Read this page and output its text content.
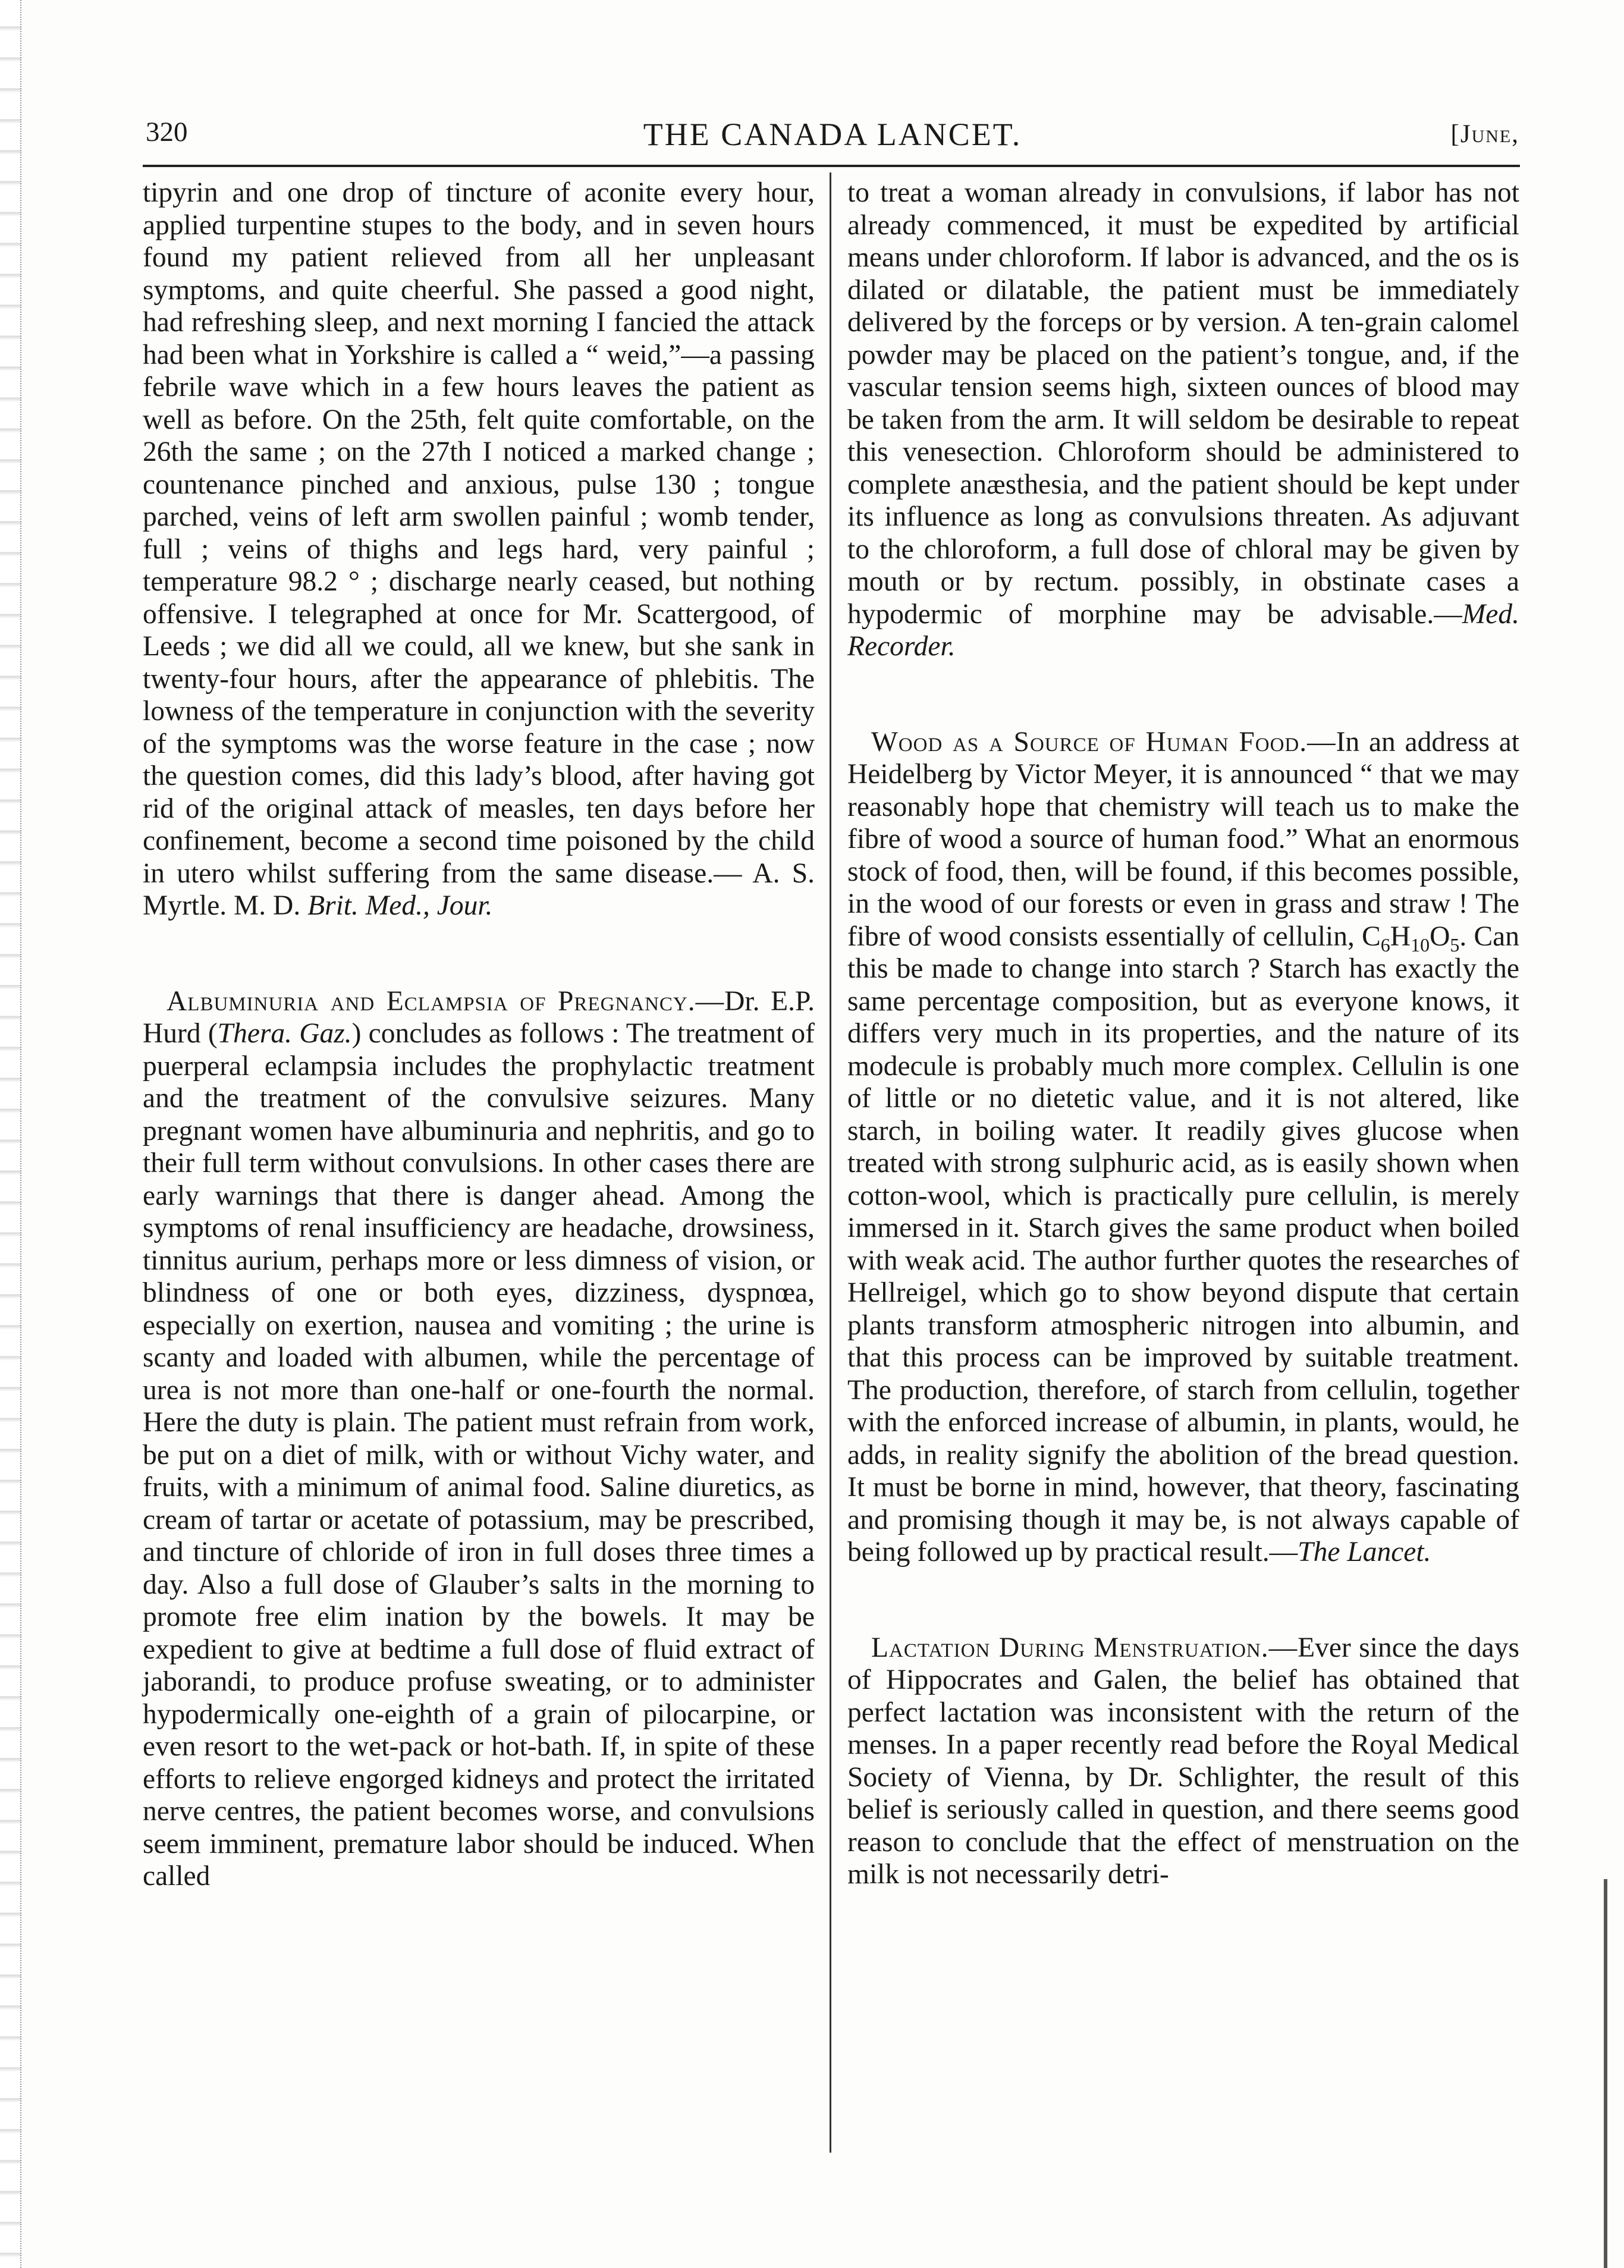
320	THE CANADA LANCET.	[June,

tipyrin and one drop of tincture of aconite every hour, applied turpentine stupes to the body, and in seven hours found my patient relieved from all her unpleasant symptoms, and quite cheerful. She passed a good night, had refreshing sleep, and next morning I fancied the attack had been what in Yorkshire is called a “ weid,”—a passing febrile wave which in a few hours leaves the patient as well as before. On the 25th, felt quite comfortable, on the 26th the same ; on the 27th I noticed a marked change ; countenance pinched and anxious, pulse 130 ; tongue parched, veins of left arm swollen painful ; womb tender, full ; veins of thighs and legs hard, very painful ; temperature 98.2 ° ; discharge nearly ceased, but nothing offensive. I telegraphed at once for Mr. Scattergood, of Leeds ; we did all we could, all we knew, but she sank in twenty-four hours, after the appearance of phlebitis. The lowness of the temperature in conjunction with the severity of the symptoms was the worse feature in the case ; now the question comes, did this lady’s blood, after having got rid of the original attack of measles, ten days before her confinement, become a second time poisoned by the child in utero whilst suffering from the same disease.— A. S. Myrtle. M. D. Brit. Med., Jour.

Albuminuria and Eclampsia of Pregnancy.—Dr. E.P. Hurd (Thera. Gaz.) concludes as follows : The treatment of puerperal eclampsia includes the prophylactic treatment and the treatment of the convulsive seizures. Many pregnant women have albuminuria and nephritis, and go to their full term without convulsions. In other cases there are early warnings that there is danger ahead. Among the symptoms of renal insufficiency are headache, drowsiness, tinnitus aurium, perhaps more or less dimness of vision, or blindness of one or both eyes, dizziness, dyspnœa, especially on exertion, nausea and vomiting ; the urine is scanty and loaded with albumen, while the percentage of urea is not more than one-half or one-fourth the normal. Here the duty is plain. The patient must refrain from work, be put on a diet of milk, with or without Vichy water, and fruits, with a minimum of animal food. Saline diuretics, as cream of tartar or acetate of potassium, may be prescribed, and tincture of chloride of iron in full doses three times a day. Also a full dose of Glauber’s salts in the morning to promote free elim ination by the bowels. It may be expedient to give at bedtime a full dose of fluid extract of jaborandi, to produce profuse sweating, or to administer hypodermically one-eighth of a grain of pilocarpine, or even resort to the wet-pack or hot-bath. If, in spite of these efforts to relieve engorged kidneys and protect the irritated nerve centres, the patient becomes worse, and convulsions seem imminent, premature labor should be induced. When called

to treat a woman already in convulsions, if labor has not already commenced, it must be expedited by artificial means under chloroform. If labor is advanced, and the os is dilated or dilatable, the patient must be immediately delivered by the forceps or by version. A ten-grain calomel powder may be placed on the patient’s tongue, and, if the vascular tension seems high, sixteen ounces of blood may be taken from the arm. It will seldom be desirable to repeat this venesection. Chloroform should be administered to complete anæsthesia, and the patient should be kept under its influence as long as convulsions threaten. As adjuvant to the chloroform, a full dose of chloral may be given by mouth or by rectum. possibly, in obstinate cases a hypodermic of morphine may be advisable.—Med. Recorder.

Wood as a Source of Human Food.—In an address at Heidelberg by Victor Meyer, it is announced “ that we may reasonably hope that chemistry will teach us to make the fibre of wood a source of human food.” What an enormous stock of food, then, will be found, if this becomes possible, in the wood of our forests or even in grass and straw ! The fibre of wood consists essentially of cellulin, $C_6H_{10}O_5$. Can this be made to change into starch ? Starch has exactly the same percentage composition, but as everyone knows, it differs very much in its properties, and the nature of its modecule is probably much more complex. Cellulin is one of little or no dietetic value, and it is not altered, like starch, in boiling water. It readily gives glucose when treated with strong sulphuric acid, as is easily shown when cotton-wool, which is practically pure cellulin, is merely immersed in it. Starch gives the same product when boiled with weak acid. The author further quotes the researches of Hellreigel, which go to show beyond dispute that certain plants transform atmospheric nitrogen into albumin, and that this process can be improved by suitable treatment. The production, therefore, of starch from cellulin, together with the enforced increase of albumin, in plants, would, he adds, in reality signify the abolition of the bread question. It must be borne in mind, however, that theory, fascinating and promising though it may be, is not always capable of being followed up by practical result.—The Lancet.

Lactation During Menstruation.—Ever since the days of Hippocrates and Galen, the belief has obtained that perfect lactation was inconsistent with the return of the menses. In a paper recently read before the Royal Medical Society of Vienna, by Dr. Schlighter, the result of this belief is seriously called in question, and there seems good reason to conclude that the effect of menstruation on the milk is not necessarily detri-
